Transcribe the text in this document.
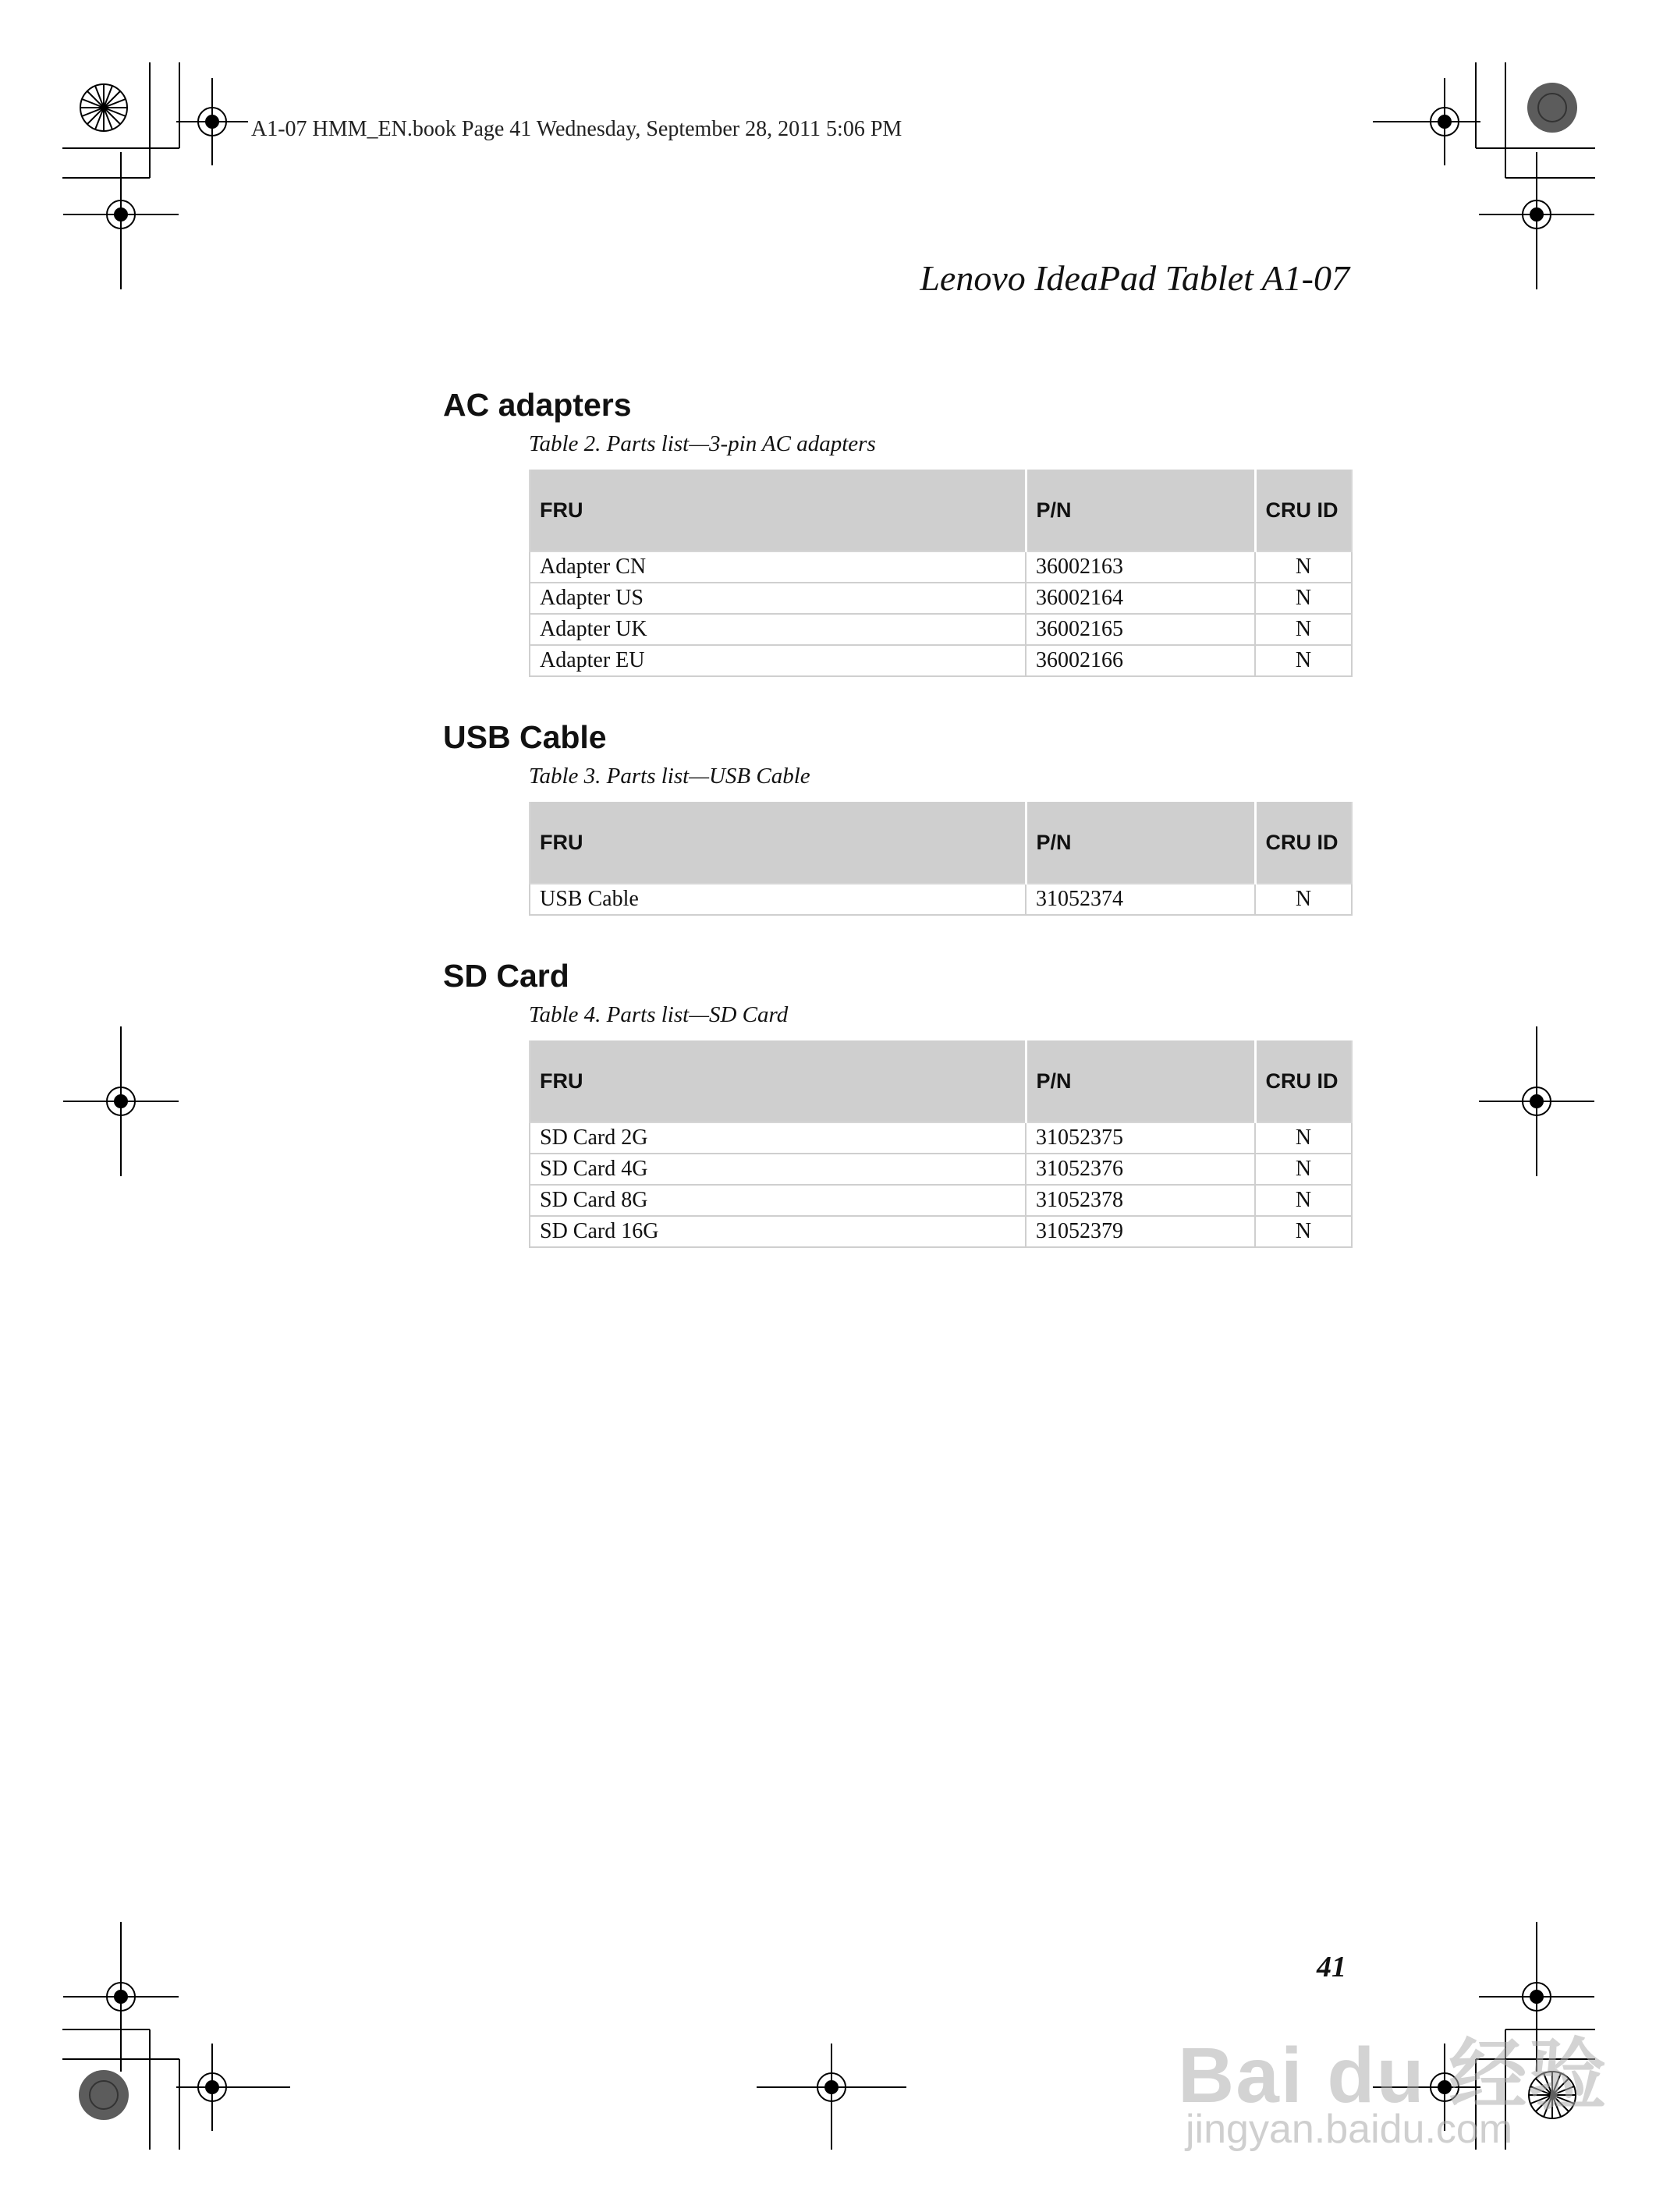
A1-07 HMM_EN.book Page 41 Wednesday, September 28, 2011 5:06 PM
Lenovo IdeaPad Tablet A1-07
AC adapters
Table 2. Parts list—3-pin AC adapters
FRU	P/N	CRU ID
Adapter CN	36002163	N
Adapter US	36002164	N
Adapter UK	36002165	N
Adapter EU	36002166	N
USB Cable
Table 3. Parts list—USB Cable
FRU	P/N	CRU ID
USB Cable	31052374	N
SD Card
Table 4. Parts list—SD Card
FRU	P/N	CRU ID
SD Card 2G	31052375	N
SD Card 4G	31052376	N
SD Card 8G	31052378	N
SD Card 16G	31052379	N
41
Bai du 经验
jingyan.baidu.com
